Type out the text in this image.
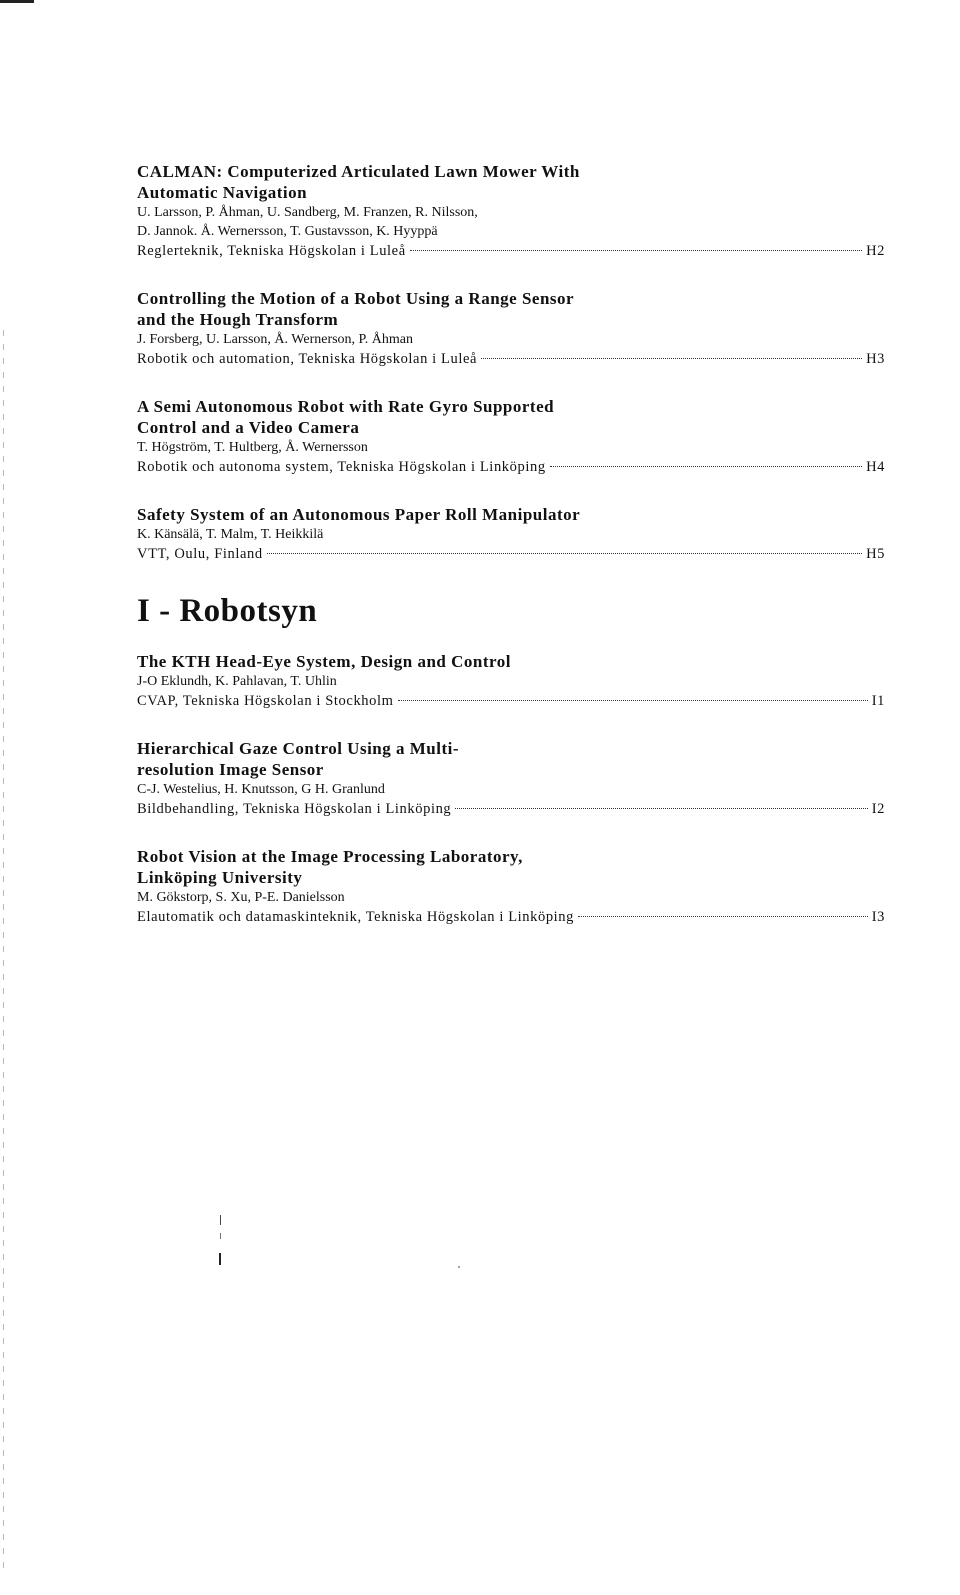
CALMAN: Computerized Articulated Lawn Mower With
Automatic Navigation
U. Larsson, P. Åhman, U. Sandberg, M. Franzen, R. Nilsson,
D. Jannok. Å. Wernersson, T. Gustavsson, K. Hyyppä
Reglerteknik, Tekniska Högskolan i Luleå	H2
Controlling the Motion of a Robot Using a Range Sensor
and the Hough Transform
J. Forsberg, U. Larsson, Å. Wernerson, P. Åhman
Robotik och automation, Tekniska Högskolan i Luleå	H3
A Semi Autonomous Robot with Rate Gyro Supported
Control and a Video Camera
T. Högström, T. Hultberg, Å. Wernersson
Robotik och autonoma system, Tekniska Högskolan i Linköping	H4
Safety System of an Autonomous Paper Roll Manipulator
K. Känsälä, T. Malm, T. Heikkilä
VTT, Oulu, Finland	H5
I - Robotsyn
The KTH Head-Eye System, Design and Control
J-O Eklundh, K. Pahlavan, T. Uhlin
CVAP, Tekniska Högskolan i Stockholm	I1
Hierarchical Gaze Control Using a Multi-
resolution Image Sensor
C-J. Westelius, H. Knutsson, G H. Granlund
Bildbehandling, Tekniska Högskolan i Linköping	I2
Robot Vision at the Image Processing Laboratory,
Linköping University
M. Gökstorp, S. Xu, P-E. Danielsson
Elautomatik och datamaskinteknik, Tekniska Högskolan i Linköping	I3
